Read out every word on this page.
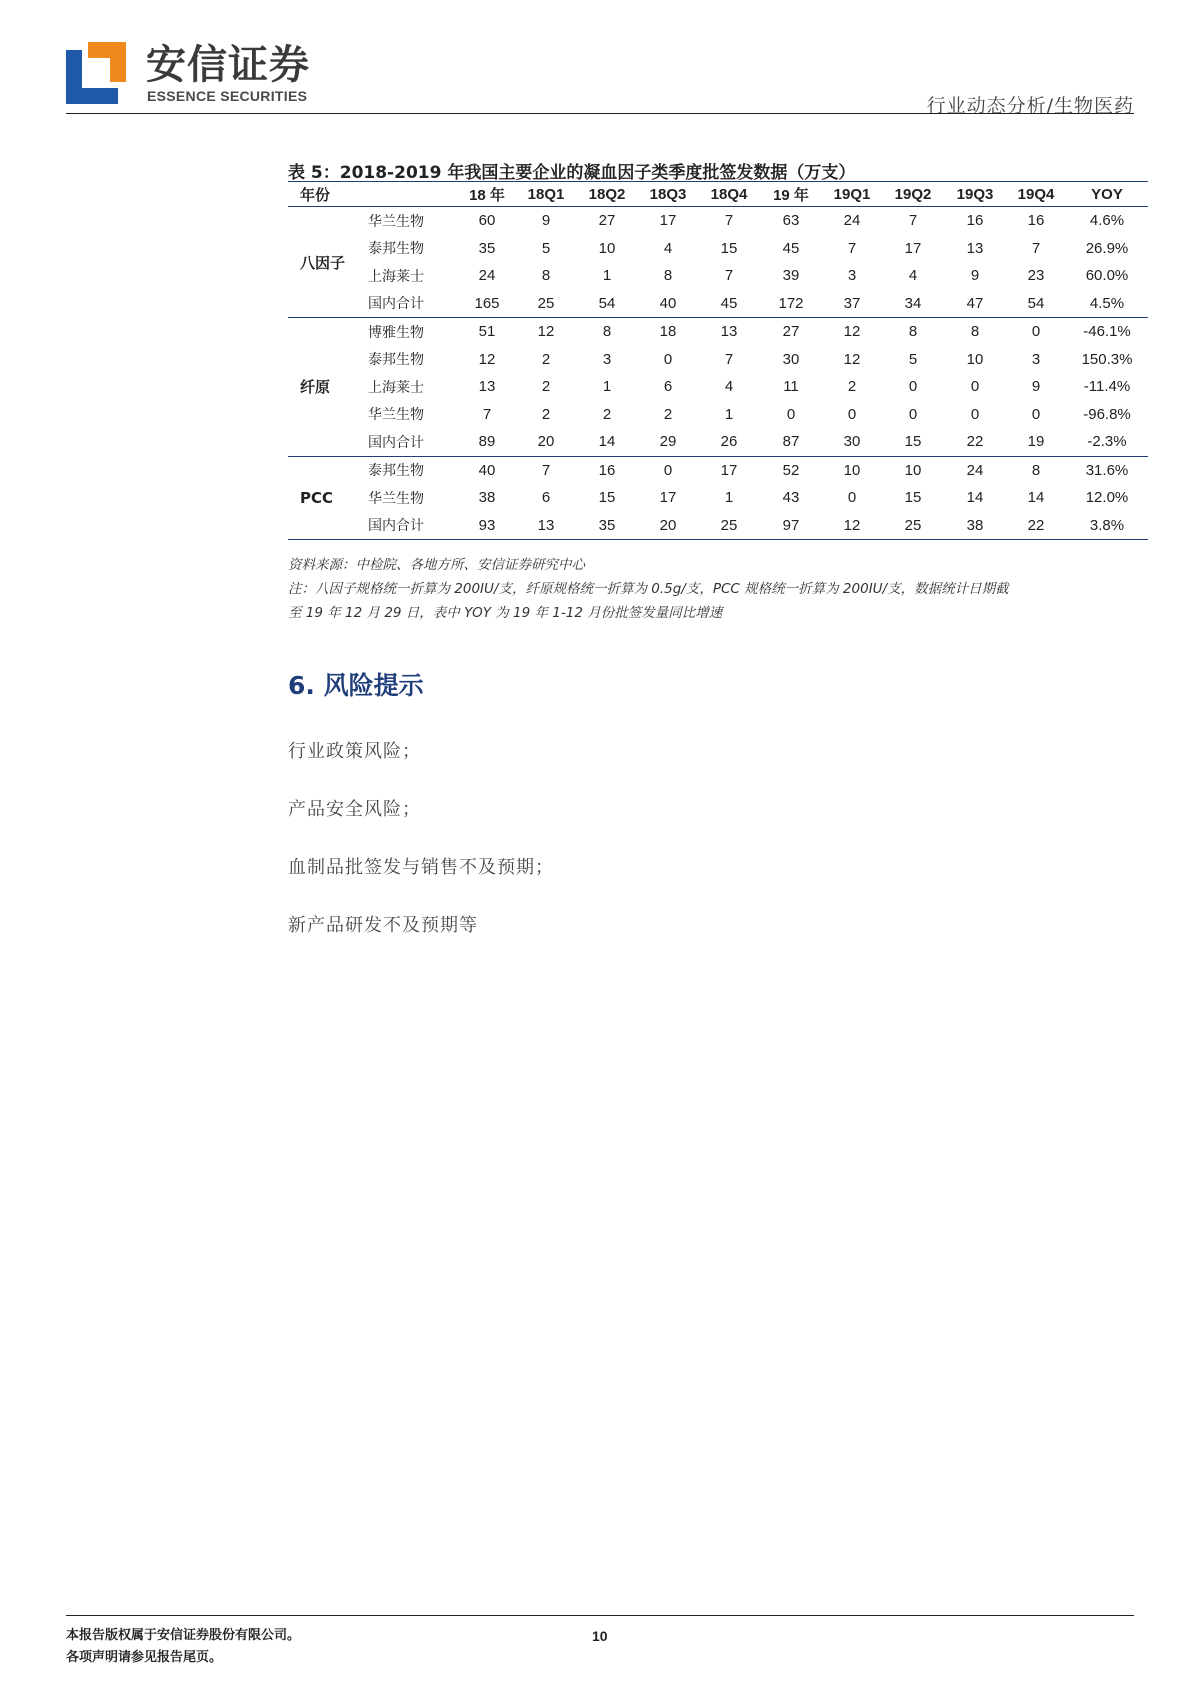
安信证券
ESSENCE SECURITIES	行业动态分析/生物医药
表 5：2018-2019 年我国主要企业的凝血因子类季度批签发数据（万支）
年份		18 年	18Q1	18Q2	18Q3	18Q4	19 年	19Q1	19Q2	19Q3	19Q4	YOY
八因子	华兰生物	60	9	27	17	7	63	24	7	16	16	4.6%
	泰邦生物	35	5	10	4	15	45	7	17	13	7	26.9%
	上海莱士	24	8	1	8	7	39	3	4	9	23	60.0%
	国内合计	165	25	54	40	45	172	37	34	47	54	4.5%
纤原	博雅生物	51	12	8	18	13	27	12	8	8	0	-46.1%
	泰邦生物	12	2	3	0	7	30	12	5	10	3	150.3%
	上海莱士	13	2	1	6	4	11	2	0	0	9	-11.4%
	华兰生物	7	2	2	2	1	0	0	0	0	0	-96.8%
	国内合计	89	20	14	29	26	87	30	15	22	19	-2.3%
PCC	泰邦生物	40	7	16	0	17	52	10	10	24	8	31.6%
	华兰生物	38	6	15	17	1	43	0	15	14	14	12.0%
	国内合计	93	13	35	20	25	97	12	25	38	22	3.8%
资料来源：中检院、各地方所、安信证券研究中心
注：八因子规格统一折算为 200IU/支，纤原规格统一折算为 0.5g/支，PCC 规格统一折算为 200IU/支，数据统计日期截
至 19 年 12 月 29 日，表中 YOY 为 19 年 1-12 月份批签发量同比增速
6. 风险提示
行业政策风险；
产品安全风险；
血制品批签发与销售不及预期；
新产品研发不及预期等
本报告版权属于安信证券股份有限公司。
各项声明请参见报告尾页。
10
